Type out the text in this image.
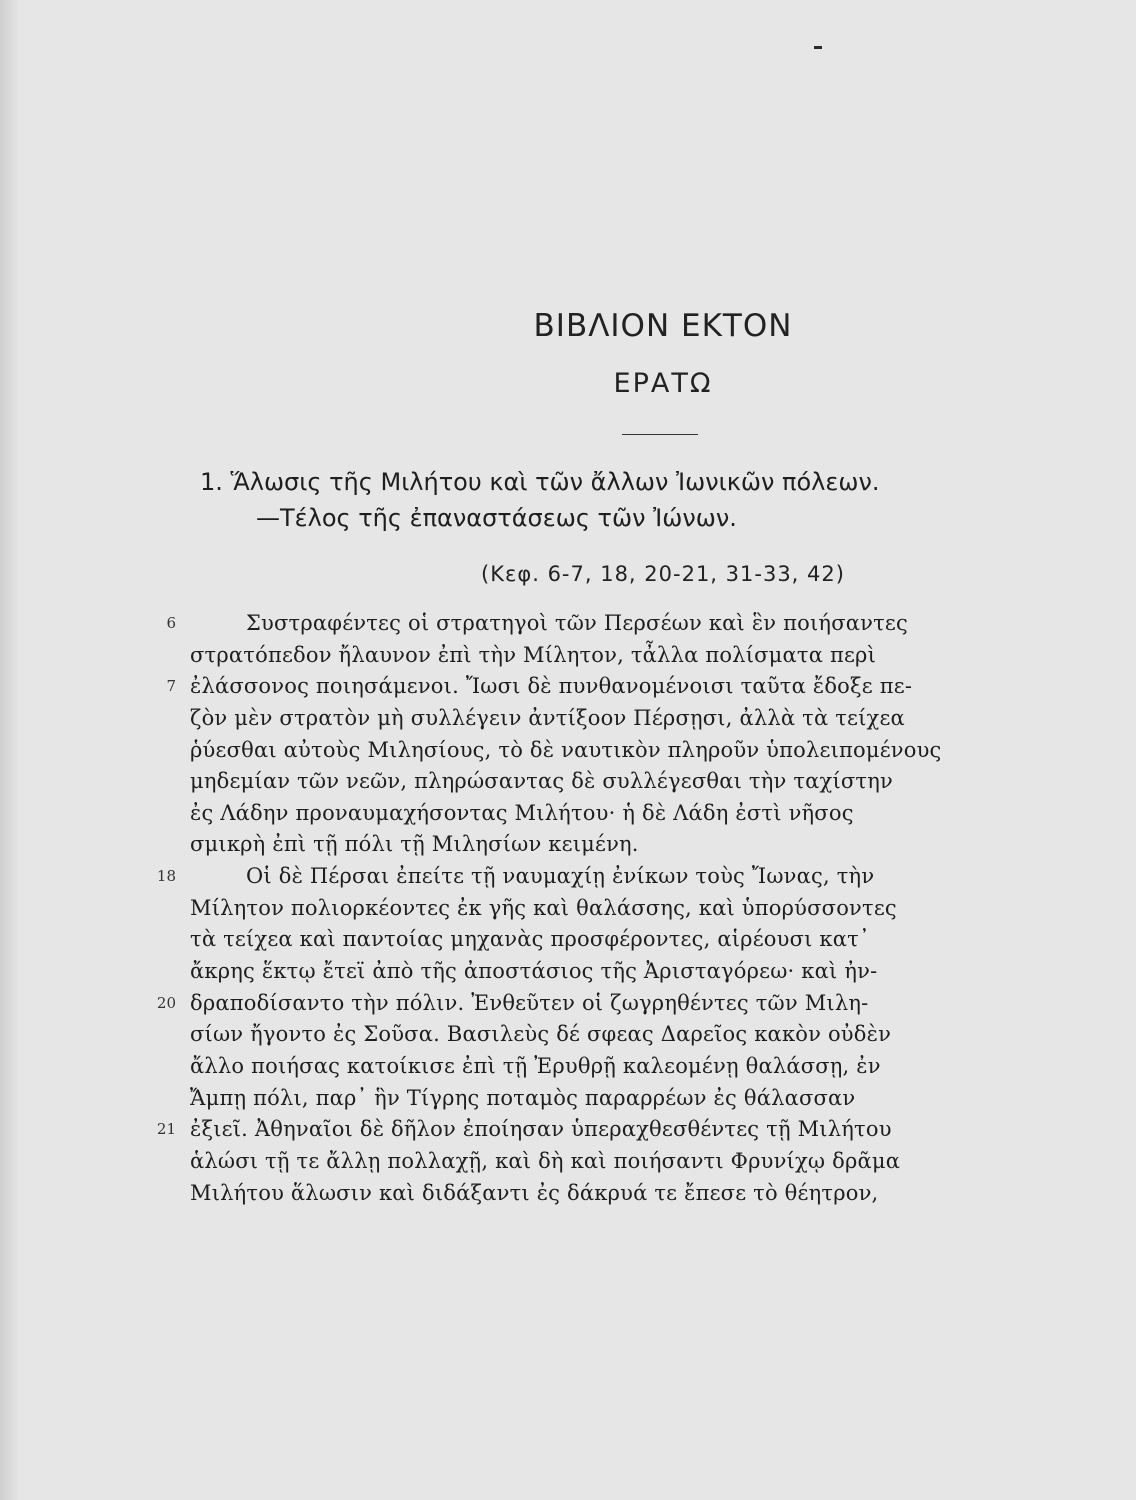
ΒΙΒΛΙΟΝ ΕΚΤΟΝ
ΕΡΑΤΩ
1. Ἅλωσις τῆς Μιλήτου καὶ τῶν ἄλλων Ἰωνικῶν πόλεων.
—Τέλος τῆς ἐπαναστάσεως τῶν Ἰώνων.
(Κεφ. 6-7, 18, 20-21, 31-33, 42)
6	Συστραφέντες οἱ στρατηγοὶ τῶν Περσέων καὶ ἓν ποιήσαντες
στρατόπεδον ἤλαυνον ἐπὶ τὴν Μίλητον, τἆλλα πολίσματα περὶ
7 ἐλάσσονος ποιησάμενοι. Ἴωσι δὲ πυνθανομένοισι ταῦτα ἔδοξε πε-
ζὸν μὲν στρατὸν μὴ συλλέγειν ἀντίξοον Πέρσῃσι, ἀλλὰ τὰ τείχεα
ῥύεσθαι αὐτοὺς Μιλησίους, τὸ δὲ ναυτικὸν πληροῦν ὑπολειπομένους
μηδεμίαν τῶν νεῶν, πληρώσαντας δὲ συλλέγεσθαι τὴν ταχίστην
ἐς Λάδην προναυμαχήσοντας Μιλήτου· ἡ δὲ Λάδη ἐστὶ νῆσος
σμικρὴ ἐπὶ τῇ πόλι τῇ Μιλησίων κειμένη.
18	Οἱ δὲ Πέρσαι ἐπείτε τῇ ναυμαχίῃ ἐνίκων τοὺς Ἴωνας, τὴν
Μίλητον πολιορκέοντες ἐκ γῆς καὶ θαλάσσης, καὶ ὑπορύσσοντες
τὰ τείχεα καὶ παντοίας μηχανὰς προσφέροντες, αἱρέουσι κατ᾽
ἄκρης ἕκτῳ ἔτεϊ ἀπὸ τῆς ἀποστάσιος τῆς Ἀρισταγόρεω· καὶ ἠν-
20 δραποδίσαντο τὴν πόλιν. Ἐνθεῦτεν οἱ ζωγρηθέντες τῶν Μιλη-
σίων ἤγοντο ἐς Σοῦσα. Βασιλεὺς δέ σφεας Δαρεῖος κακὸν οὐδὲν
ἄλλο ποιήσας κατοίκισε ἐπὶ τῇ Ἐρυθρῇ καλεομένῃ θαλάσσῃ, ἐν
Ἄμπῃ πόλι, παρ᾽ ἣν Τίγρης ποταμὸς παραρρέων ἐς θάλασσαν
21 ἐξιεῖ. Ἀθηναῖοι δὲ δῆλον ἐποίησαν ὑπεραχθεσθέντες τῇ Μιλήτου
ἁλώσι τῇ τε ἄλλῃ πολλαχῇ, καὶ δὴ καὶ ποιήσαντι Φρυνίχῳ δρᾶμα
Μιλήτου ἅλωσιν καὶ διδάξαντι ἐς δάκρυά τε ἔπεσε τὸ θέητρον,
